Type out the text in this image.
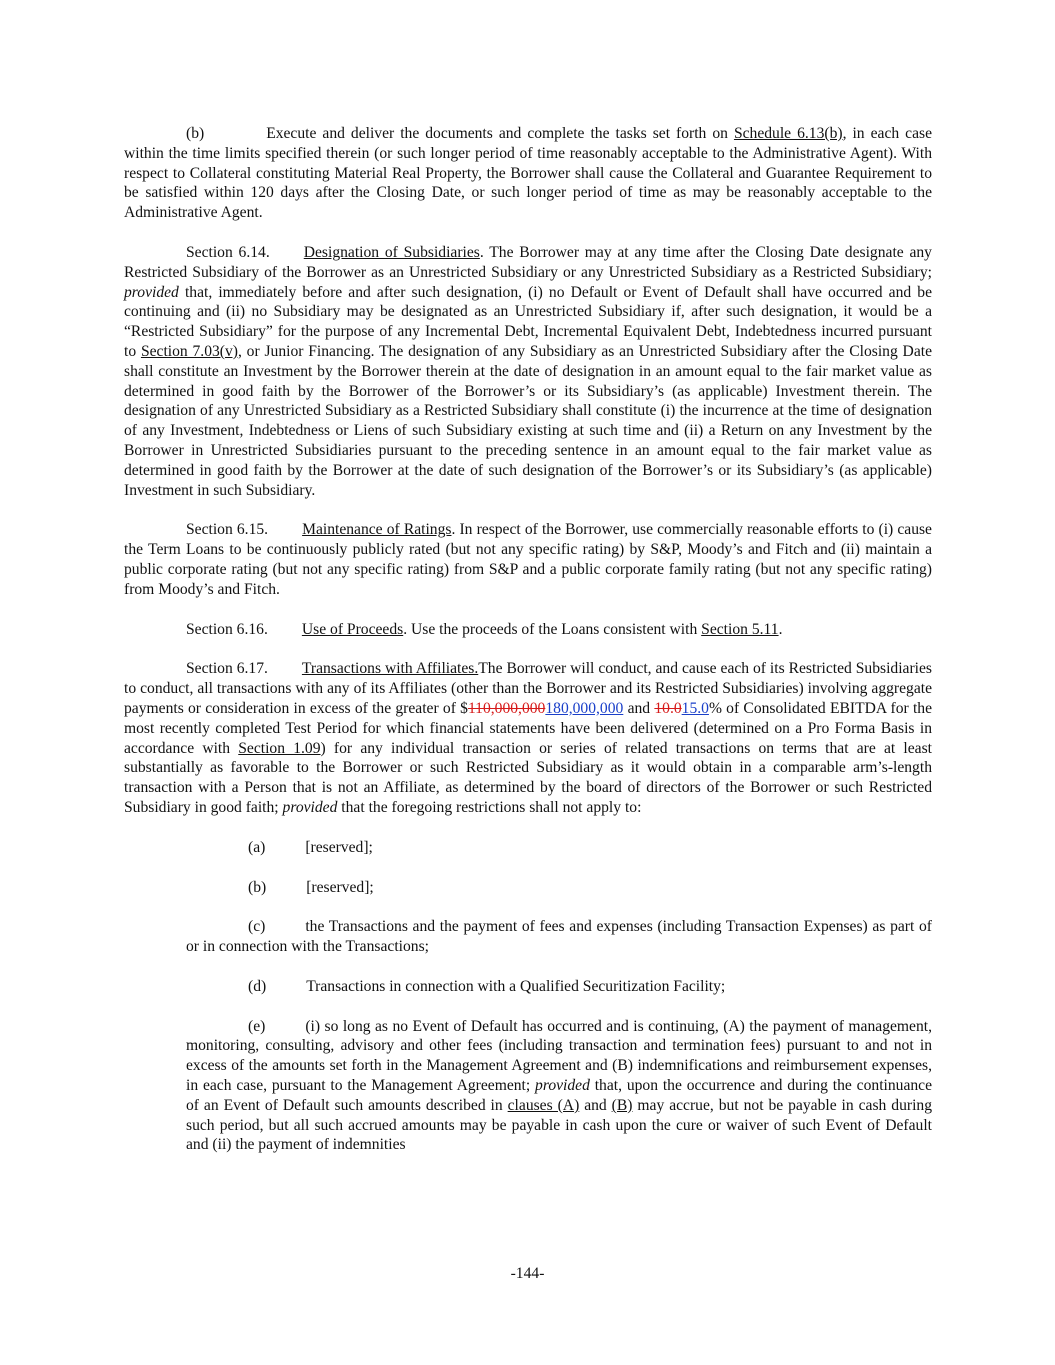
(b)	Execute and deliver the documents and complete the tasks set forth on Schedule 6.13(b), in each case within the time limits specified therein (or such longer period of time reasonably acceptable to the Administrative Agent). With respect to Collateral constituting Material Real Property, the Borrower shall cause the Collateral and Guarantee Requirement to be satisfied within 120 days after the Closing Date, or such longer period of time as may be reasonably acceptable to the Administrative Agent.

Section 6.14. Designation of Subsidiaries. The Borrower may at any time after the Closing Date designate any Restricted Subsidiary of the Borrower as an Unrestricted Subsidiary or any Unrestricted Subsidiary as a Restricted Subsidiary; provided that, immediately before and after such designation, (i) no Default or Event of Default shall have occurred and be continuing and (ii) no Subsidiary may be designated as an Unrestricted Subsidiary if, after such designation, it would be a “Restricted Subsidiary” for the purpose of any Incremental Debt, Incremental Equivalent Debt, Indebtedness incurred pursuant to Section 7.03(v), or Junior Financing. The designation of any Subsidiary as an Unrestricted Subsidiary after the Closing Date shall constitute an Investment by the Borrower therein at the date of designation in an amount equal to the fair market value as determined in good faith by the Borrower of the Borrower’s or its Subsidiary’s (as applicable) Investment therein. The designation of any Unrestricted Subsidiary as a Restricted Subsidiary shall constitute (i) the incurrence at the time of designation of any Investment, Indebtedness or Liens of such Subsidiary existing at such time and (ii) a Return on any Investment by the Borrower in Unrestricted Subsidiaries pursuant to the preceding sentence in an amount equal to the fair market value as determined in good faith by the Borrower at the date of such designation of the Borrower’s or its Subsidiary’s (as applicable) Investment in such Subsidiary.

Section 6.15. Maintenance of Ratings. In respect of the Borrower, use commercially reasonable efforts to (i) cause the Term Loans to be continuously publicly rated (but not any specific rating) by S&P, Moody’s and Fitch and (ii) maintain a public corporate rating (but not any specific rating) from S&P and a public corporate family rating (but not any specific rating) from Moody’s and Fitch.

Section 6.16. Use of Proceeds. Use the proceeds of the Loans consistent with Section 5.11.

Section 6.17. Transactions with Affiliates.The Borrower will conduct, and cause each of its Restricted Subsidiaries to conduct, all transactions with any of its Affiliates (other than the Borrower and its Restricted Subsidiaries) involving aggregate payments or consideration in excess of the greater of $110,000,000180,000,000 and 10.015.0% of Consolidated EBITDA for the most recently completed Test Period for which financial statements have been delivered (determined on a Pro Forma Basis in accordance with Section 1.09) for any individual transaction or series of related transactions on terms that are at least substantially as favorable to the Borrower or such Restricted Subsidiary as it would obtain in a comparable arm’s-length transaction with a Person that is not an Affiliate, as determined by the board of directors of the Borrower or such Restricted Subsidiary in good faith; provided that the foregoing restrictions shall not apply to:

(a)	[reserved];

(b)	[reserved];

(c)	the Transactions and the payment of fees and expenses (including Transaction Expenses) as part of or in connection with the Transactions;

(d)	Transactions in connection with a Qualified Securitization Facility;

(e)	(i) so long as no Event of Default has occurred and is continuing, (A) the payment of management, monitoring, consulting, advisory and other fees (including transaction and termination fees) pursuant to and not in excess of the amounts set forth in the Management Agreement and (B) indemnifications and reimbursement expenses, in each case, pursuant to the Management Agreement; provided that, upon the occurrence and during the continuance of an Event of Default such amounts described in clauses (A) and (B) may accrue, but not be payable in cash during such period, but all such accrued amounts may be payable in cash upon the cure or waiver of such Event of Default and (ii) the payment of indemnities

-144-
